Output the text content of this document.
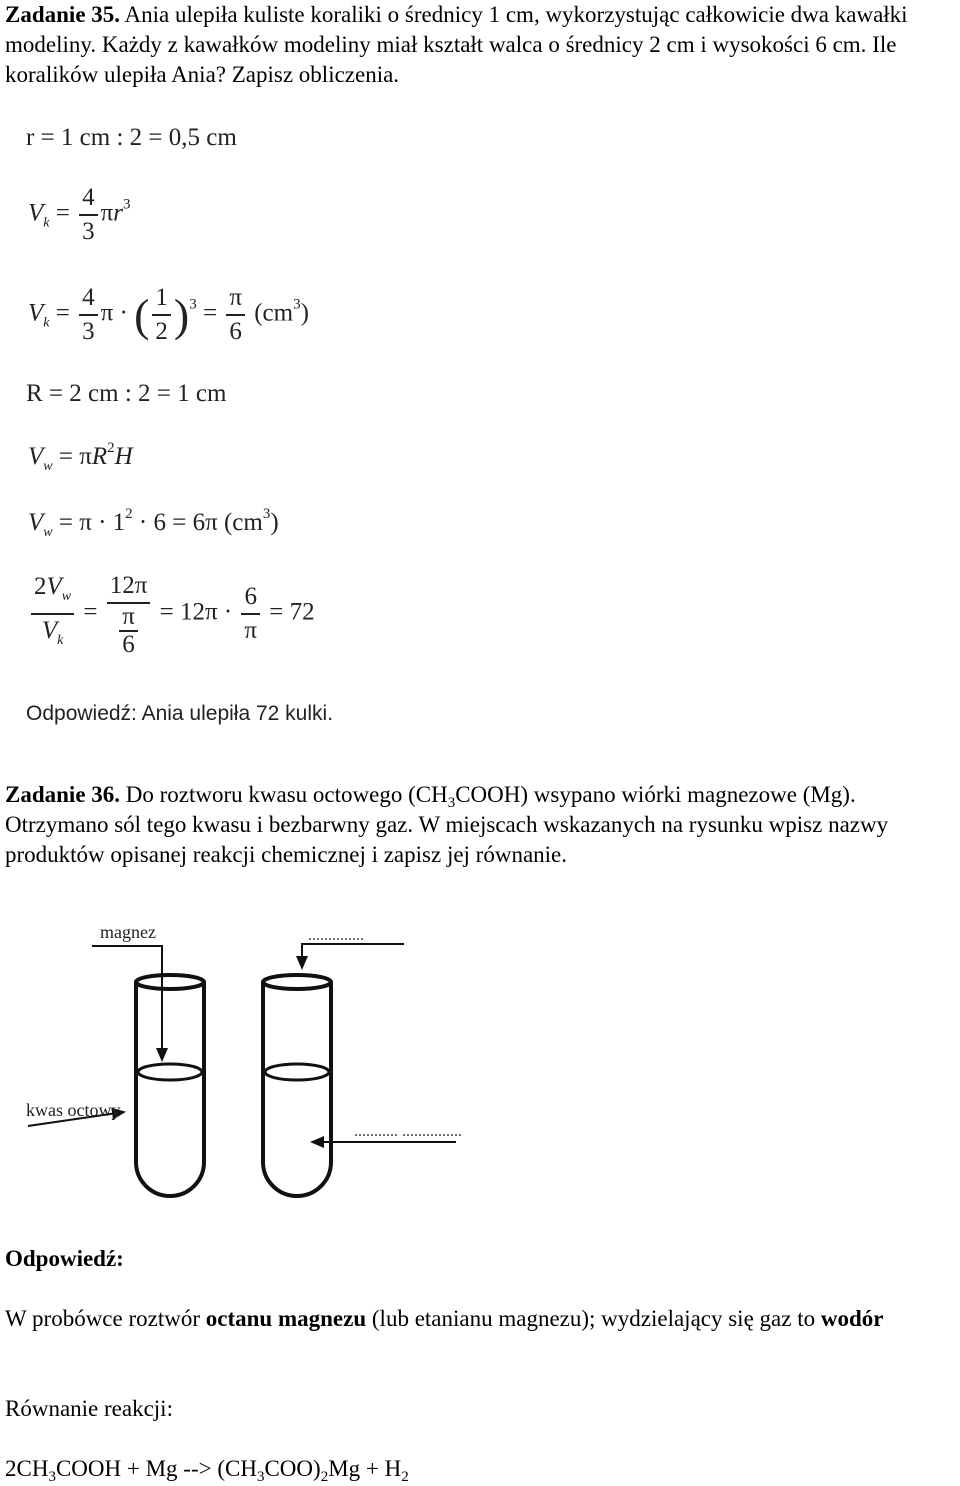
Zadanie 35. Ania ulepiła kuliste koraliki o średnicy 1 cm, wykorzystując całkowicie dwa kawałki modeliny. Każdy z kawałków modeliny miał kształt walca o średnicy 2 cm i wysokości 6 cm. Ile koralików ulepiła Ania? Zapisz obliczenia.

r = 1 cm : 2 = 0,5 cm
$V_k = \frac{4}{3} \pi r^3$
$V_k = \frac{4}{3}$ π · ( $\frac{1}{2} )^3 = \frac{\pi}{6} (cm^3)$
R = 2 cm : 2 = 1 cm
$V_w = \pi R^2H$
$V_w = \pi \cdot 1^2 \cdot 6 = 6\pi$ $(cm^3)$
$\frac{2V_w}{V_k} = \frac{12\pi}{\frac{\pi}{6}} = 12\pi \cdot \frac{6}{\pi} = 72$
Odpowiedź: Ania ulepiła 72 kulki.

Zadanie 36. Do roztworu kwasu octowego $(CH_3COOH)$ wsypano wiórki magnezowe (Mg). Otrzymano sól tego kwasu i bezbarwny gaz. W miejscach wskazanych na rysunku wpisz nazwy produktów opisanej reakcji chemicznej i zapisz jej równanie.

magnez
kwas octowy
..............
........... ...............

Odpowiedź:

W probówce roztwór octanu magnezu (lub etanianu magnezu); wydzielający się gaz to wodór

Równanie reakcji:

$2CH_3COOH + Mg$ --> $(CH_3COO)_2Mg + H_2$
